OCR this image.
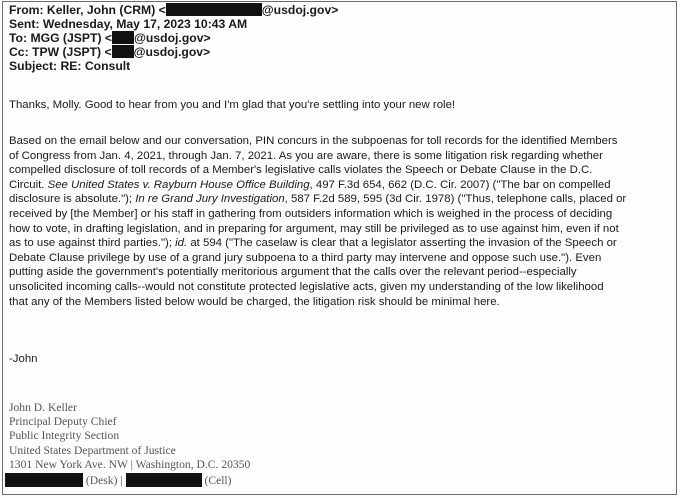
From: Keller, John (CRM) <	@usdoj.gov>
Sent: Wednesday, May 17, 2023 10:43 AM
To: MGG (JSPT) < @usdoj.gov>
Cc: TPW (JSPT) < @usdoj.gov>
Subject: RE: Consult

Thanks, Molly. Good to hear from you and I'm glad that you're settling into your new role!

Based on the email below and our conversation, PIN concurs in the subpoenas for toll records for the identified Members

of Congress from Jan. 4, 2021, through Jan. 7, 2021. As you are aware, there is some litigation risk regarding whether

compelled disclosure of toll records of a Member's legislative calls violates the Speech or Debate Clause in the D.C.

Circuit. See United States v. Rayburn House Office Building, 497 F.3d 654, 662 (D.C. Cir. 2007) ("The bar on compelled

disclosure is absolute."); In re Grand Jury Investigation, 587 F.2d 589, 595 (3d Cir. 1978) ("Thus, telephone calls, placed or

received by [the Member] or his staff in gathering from outsiders information which is weighed in the process of deciding

how to vote, in drafting legislation, and in preparing for argument, may still be privileged as to use against him, even if not

as to use against third parties."); id. at 594 ("The caselaw is clear that a legislator asserting the invasion of the Speech or

Debate Clause privilege by use of a grand jury subpoena to a third party may intervene and oppose such use."). Even

putting aside the government's potentially meritorious argument that the calls over the relevant period--especially

unsolicited incoming calls--would not constitute protected legislative acts, given my understanding of the low likelihood

that any of the Members listed below would be charged, the litigation risk should be minimal here.

-John

John D. Keller
Principal Deputy Chief
Public Integrity Section
United States Department of Justice
1301 New York Ave. NW | Washington, D.C. 20350
(Desk) |	(Cell)
